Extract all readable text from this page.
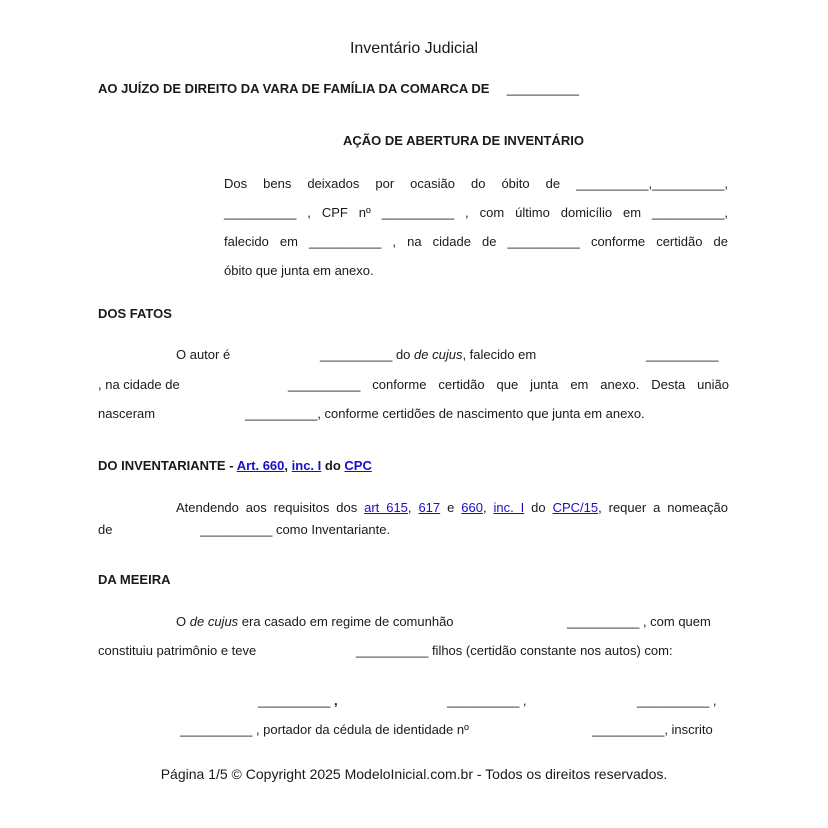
Inventário Judicial
AO JUÍZO DE DIREITO DA VARA DE FAMÍLIA DA COMARCA DE __________
AÇÃO DE ABERTURA DE INVENTÁRIO
Dos bens deixados por ocasião do óbito de __________,__________,
__________ , CPF nº __________ , com último domicílio em __________,
falecido em __________ , na cidade de __________ conforme certidão de
óbito que junta em anexo.
DOS FATOS
O autor é	__________ do de cujus, falecido em	__________
, na cidade de	__________ conforme certidão que junta em anexo. Desta união
nasceram	__________, conforme certidões de nascimento que junta em anexo.
DO INVENTARIANTE - Art. 660, inc. I do CPC
Atendendo aos requisitos dos art 615, 617 e 660, inc. I do CPC/15, requer a nomeação
de	__________ como Inventariante.
DA MEEIRA
O de cujus era casado em regime de comunhão	__________ , com quem
constituiu patrimônio e teve	__________ filhos (certidão constante nos autos) com:
__________ ,	__________ ,	__________ ,
__________ , portador da cédula de identidade nº	__________, inscrito
Página 1/5 © Copyright 2025 ModeloInicial.com.br - Todos os direitos reservados.
